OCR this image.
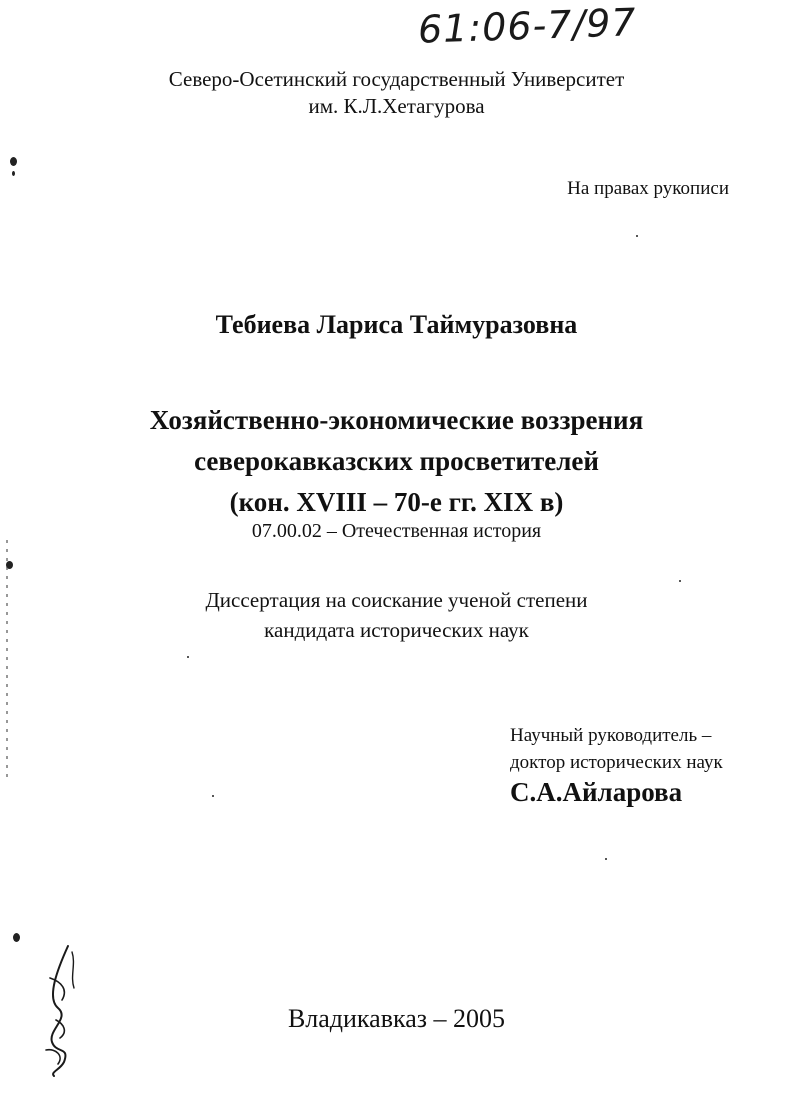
61:06-7/97
Северо-Осетинский государственный Университет
им. К.Л.Хетагурова
На правах рукописи
Тебиева Лариса Таймуразовна
Хозяйственно-экономические воззрения
северокавказских просветителей
(кон. XVIII – 70-е гг. XIX в)
07.00.02 – Отечественная история
Диссертация на соискание ученой степени
кандидата исторических наук
Научный руководитель –
доктор исторических наук
С.А.Айларова
Владикавказ – 2005
